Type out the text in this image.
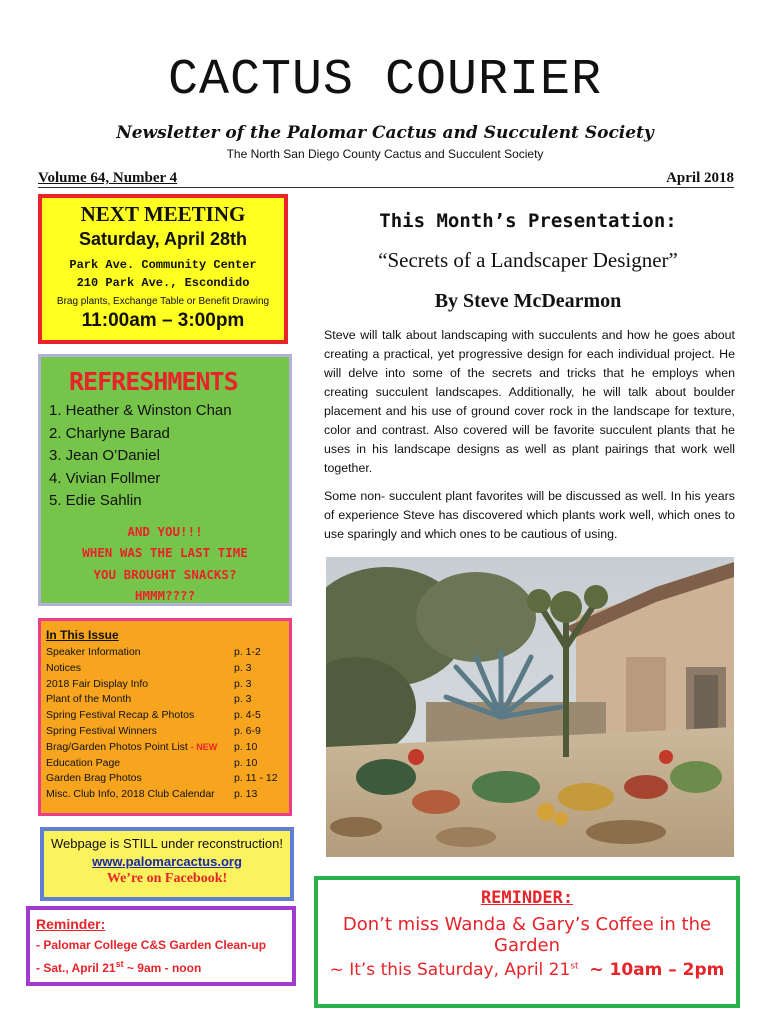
CACTUS COURIER
Newsletter of the Palomar Cactus and Succulent Society
The North San Diego County Cactus and Succulent Society
Volume 64, Number 4	April 2018
NEXT MEETING
Saturday, April 28th
Park Ave. Community Center
210 Park Ave., Escondido
Brag plants, Exchange Table or Benefit Drawing
11:00am – 3:00pm
REFRESHMENTS
1. Heather & Winston Chan
2. Charlyne Barad
3. Jean O’Daniel
4. Vivian Follmer
5. Edie Sahlin
AND YOU!!!
WHEN WAS THE LAST TIME
YOU BROUGHT SNACKS?
HMMM????
In This Issue
Speaker Information	p. 1-2
Notices	p. 3
2018 Fair Display Info	p. 3
Plant of the Month	p. 3
Spring Festival Recap & Photos	p. 4-5
Spring Festival Winners	p. 6-9
Brag/Garden Photos Point List - NEW	p. 10
Education Page	p. 10
Garden Brag Photos	p. 11 - 12
Misc. Club Info, 2018 Club Calendar	p. 13
Webpage is STILL under reconstruction!
www.palomarcactus.org
We’re on Facebook!
Reminder:
- Palomar College C&S Garden Clean-up
- Sat., April 21st ~ 9am - noon
This Month’s Presentation:
“Secrets of a Landscaper Designer”
By Steve McDearmon
Steve will talk about landscaping with succulents and how he goes about creating a practical, yet progressive design for each individual project. He will delve into some of the secrets and tricks that he employs when creating succulent landscapes. Additionally, he will talk about boulder placement and his use of ground cover rock in the landscape for texture, color and contrast. Also covered will be favorite succulent plants that he uses in his landscape designs as well as plant pairings that work well together.
Some non- succulent plant favorites will be discussed as well. In his years of experience Steve has discovered which plants work well, which ones to use sparingly and which ones to be cautious of using.
REMINDER:
Don’t miss Wanda & Gary’s Coffee in the Garden
~ It’s this Saturday, April 21st ~ 10am – 2pm
